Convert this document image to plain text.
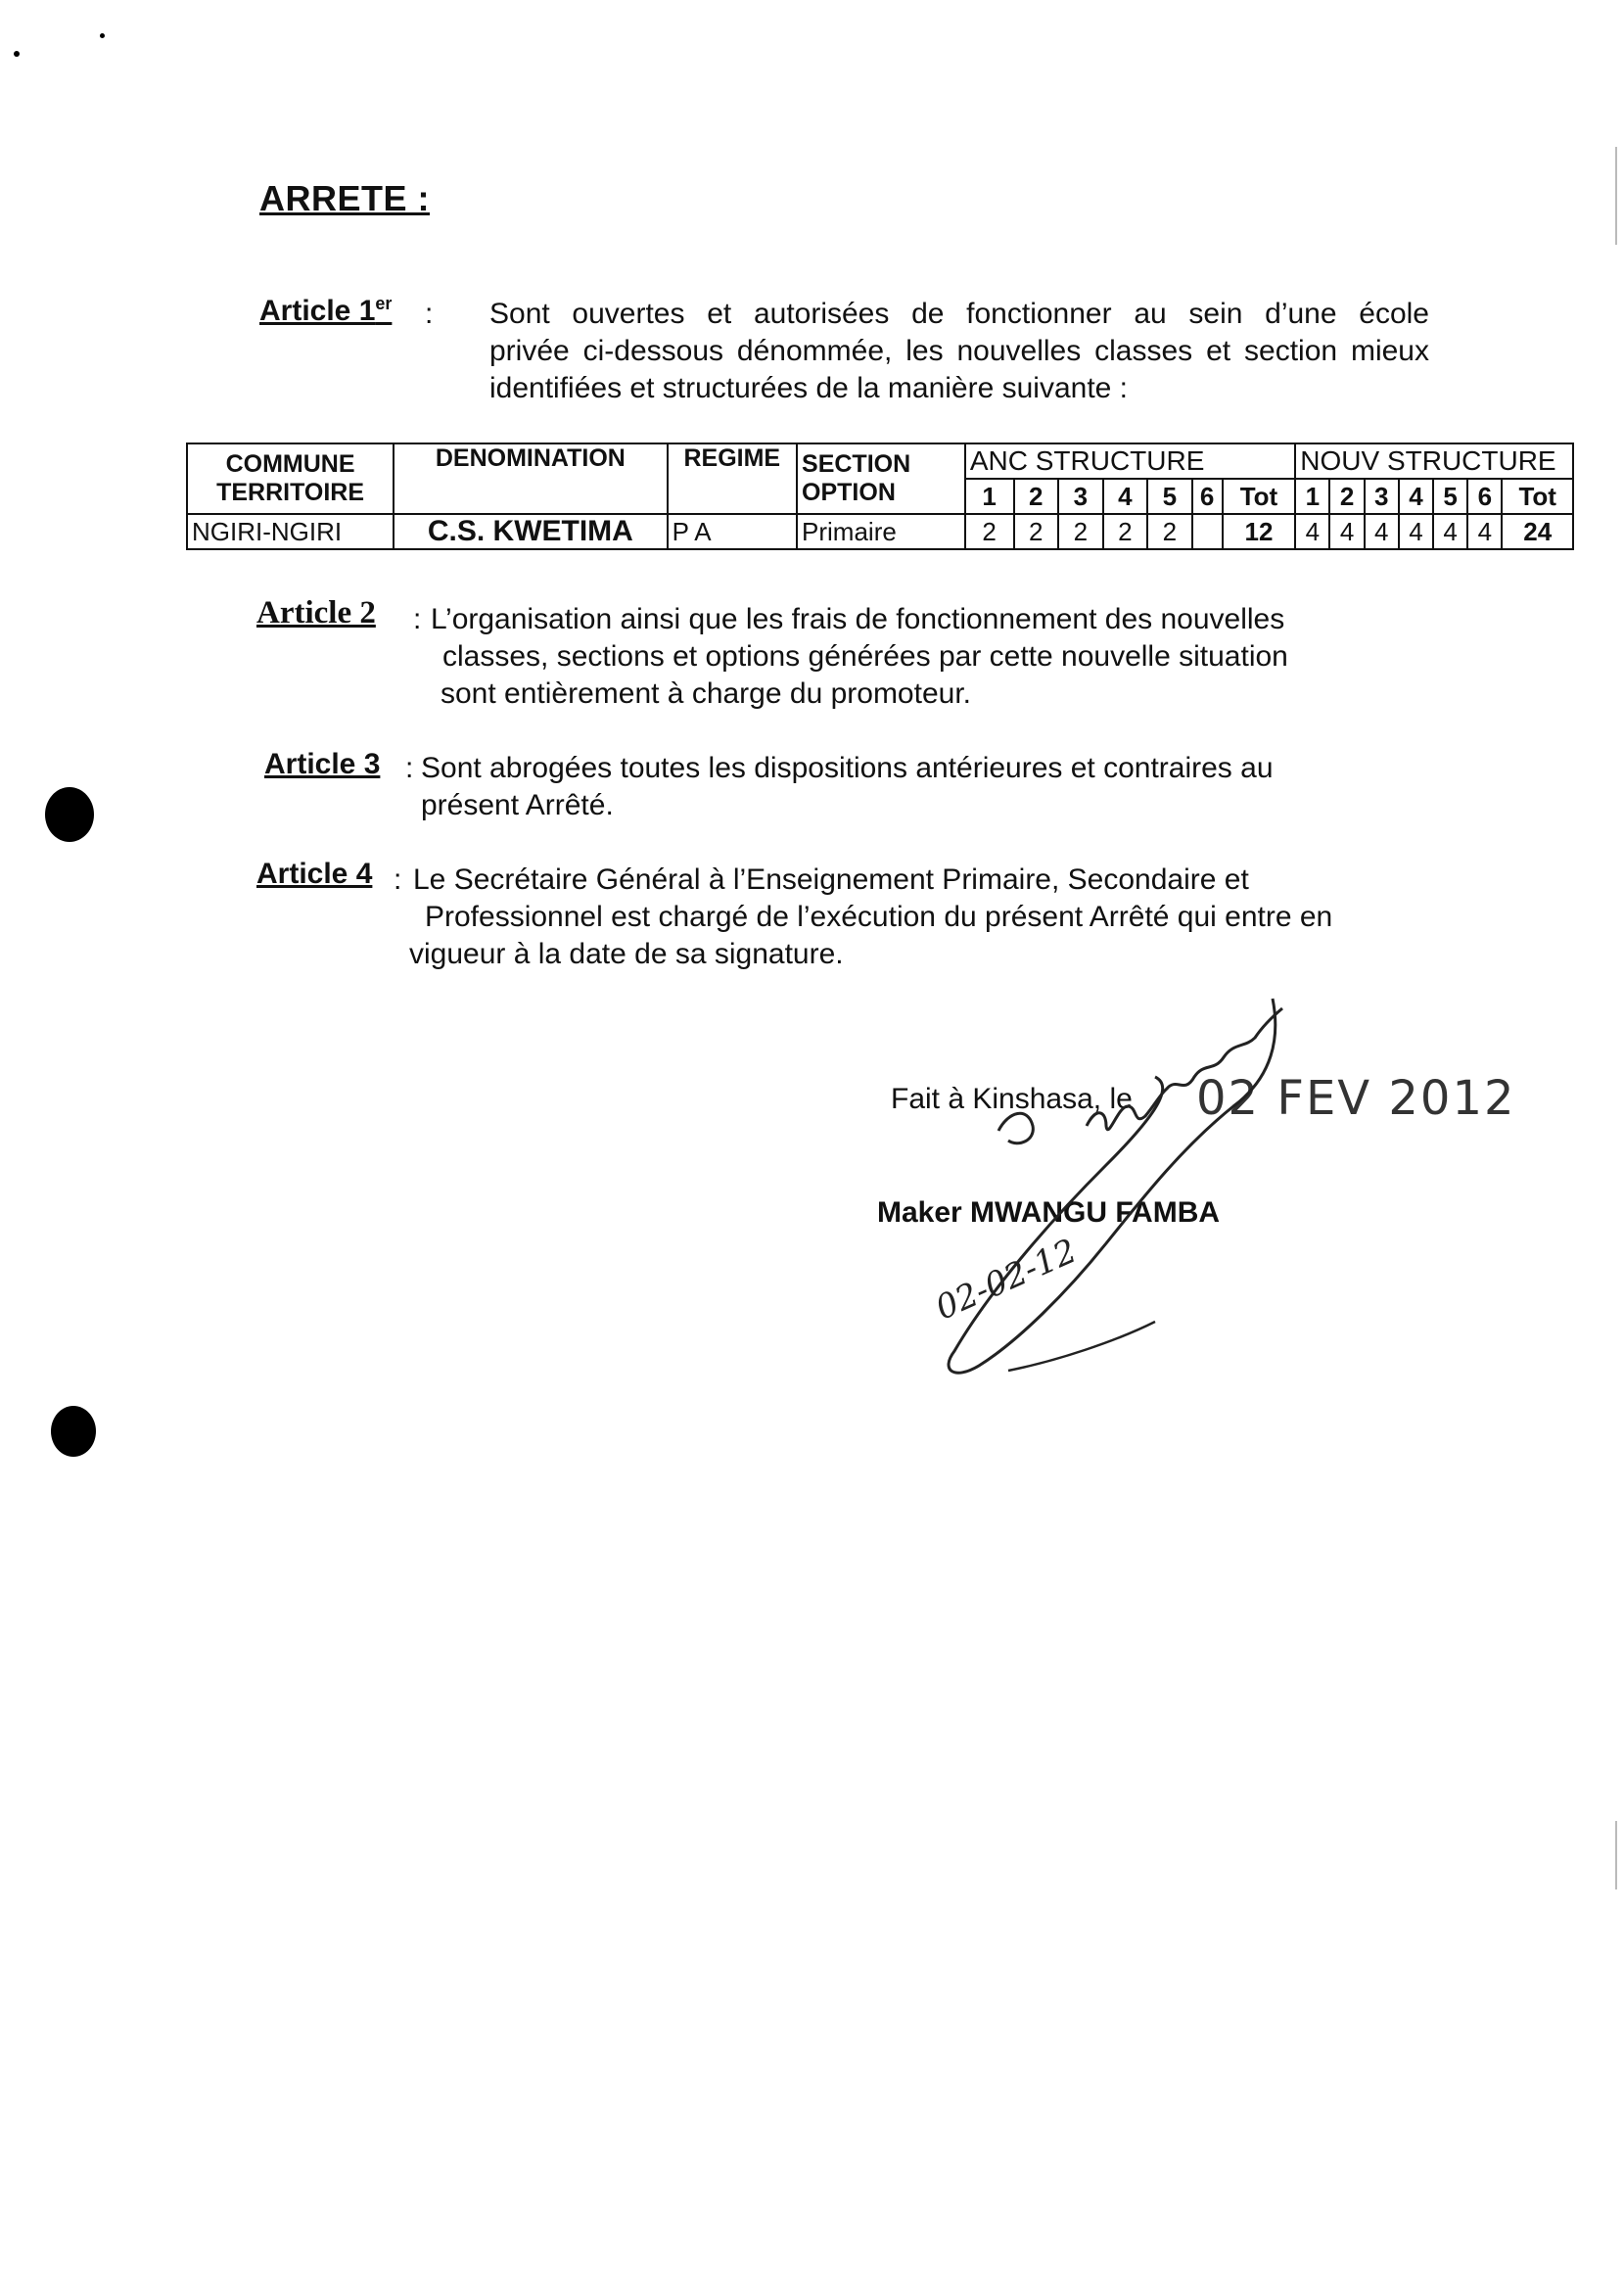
ARRETE :
Article 1er : Sont ouvertes et autorisées de fonctionner au sein d’une école
privée ci-dessous dénommée, les nouvelles classes et section mieux
identifiées et structurées de la manière suivante :
COMMUNE TERRITOIRE	DENOMINATION	REGIME	SECTION OPTION	ANC STRUCTURE							NOUV STRUCTURE						
				1	2	3	4	5	6	Tot	1	2	3	4	5	6	Tot
NGIRI-NGIRI	C.S. KWETIMA	P A	Primaire	2	2	2	2	2		12	4	4	4	4	4	4	24
Article 2 : L’organisation ainsi que les frais de fonctionnement des nouvelles
classes, sections et options générées par cette nouvelle situation
sont entièrement à charge du promoteur.
Article 3 : Sont abrogées toutes les dispositions antérieures et contraires au
présent Arrêté.
Article 4 : Le Secrétaire Général à l’Enseignement Primaire, Secondaire et
Professionnel est chargé de l’exécution du présent Arrêté qui entre en
vigueur à la date de sa signature.
Fait à Kinshasa, le 02 FEV 2012
Maker MWANGU FAMBA
02-02-12
